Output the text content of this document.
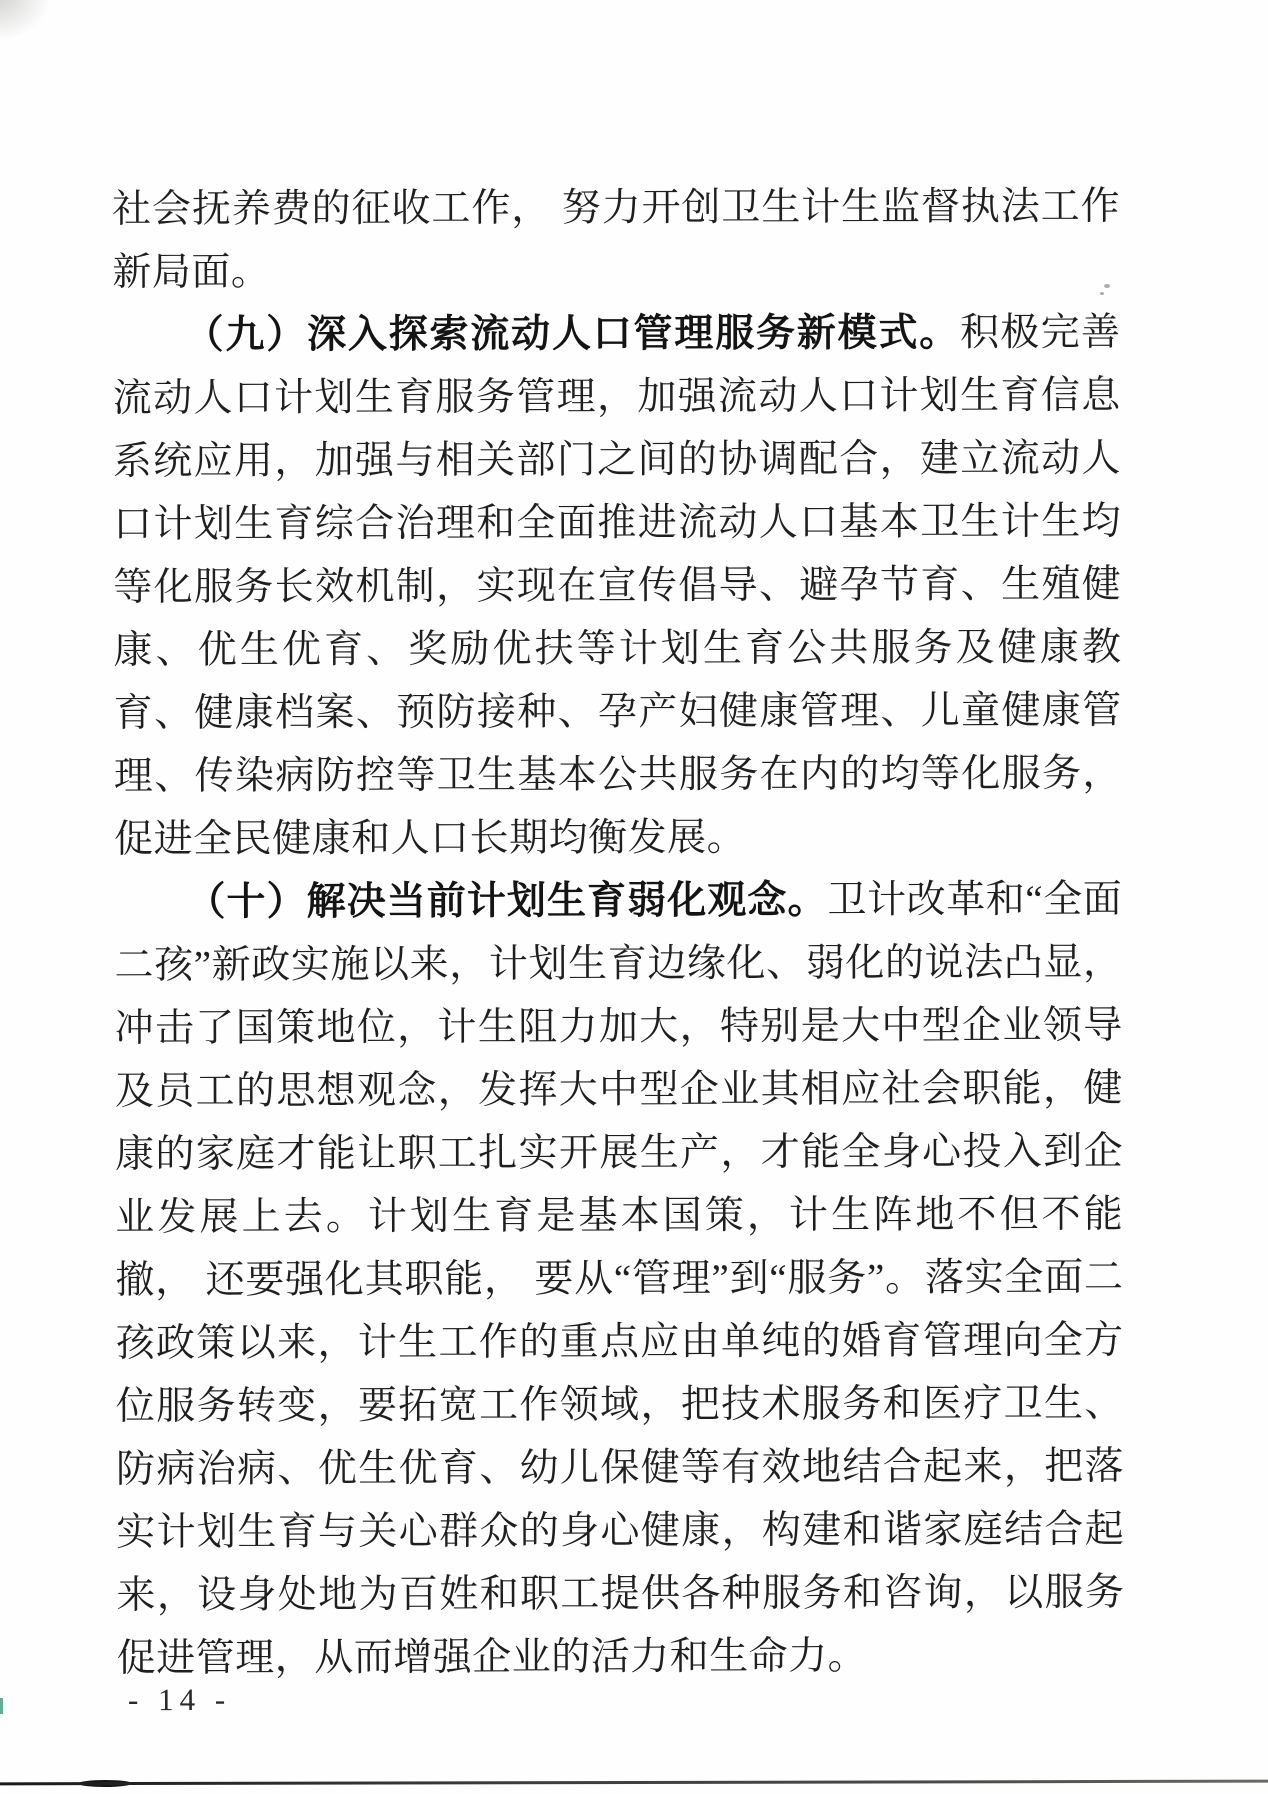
社会抚养费的征收工作， 努力开创卫生计生监督执法工作新局面。

（九）深入探索流动人口管理服务新模式。积极完善流动人口计划生育服务管理，加强流动人口计划生育信息系统应用，加强与相关部门之间的协调配合，建立流动人口计划生育综合治理和全面推进流动人口基本卫生计生均等化服务长效机制，实现在宣传倡导、避孕节育、生殖健康、优生优育、奖励优扶等计划生育公共服务及健康教育、健康档案、预防接种、孕产妇健康管理、儿童健康管理、传染病防控等卫生基本公共服务在内的均等化服务，促进全民健康和人口长期均衡发展。

（十）解决当前计划生育弱化观念。卫计改革和“全面二孩”新政实施以来，计划生育边缘化、弱化的说法凸显，冲击了国策地位，计生阻力加大，特别是大中型企业领导及员工的思想观念，发挥大中型企业其相应社会职能，健康的家庭才能让职工扎实开展生产，才能全身心投入到企业发展上去。计划生育是基本国策，计生阵地不但不能撤， 还要强化其职能， 要从“管理”到“服务”。落实全面二孩政策以来，计生工作的重点应由单纯的婚育管理向全方位服务转变，要拓宽工作领域，把技术服务和医疗卫生、防病治病、优生优育、幼儿保健等有效地结合起来，把落实计划生育与关心群众的身心健康，构建和谐家庭结合起来，设身处地为百姓和职工提供各种服务和咨询，以服务促进管理，从而增强企业的活力和生命力。

- 14 -
